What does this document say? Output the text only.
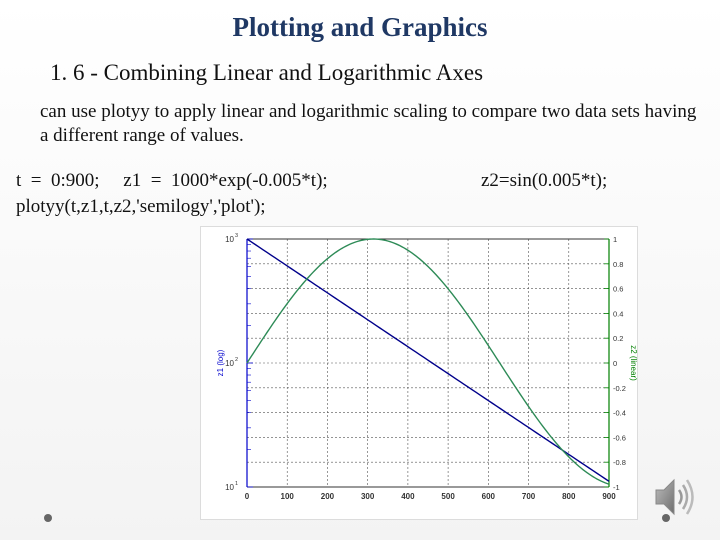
Plotting and Graphics
1. 6 - Combining Linear and Logarithmic Axes
can use plotyy to apply linear and logarithmic scaling to compare two data sets having a different range of values.
t  =  0:900;     z1  =  1000*exp(-0.005*t);	z2=sin(0.005*t);
plotyy(t,z1,t,z2,'semilogy','plot');
0	100	200	300	400	500	600	700	800	900
10 3
10 2
10 1
1
0.8
0.6
0.4
0.2
0
-0.2
-0.4
-0.6
-0.8
-1
z1 (log)	z2 (linear)
